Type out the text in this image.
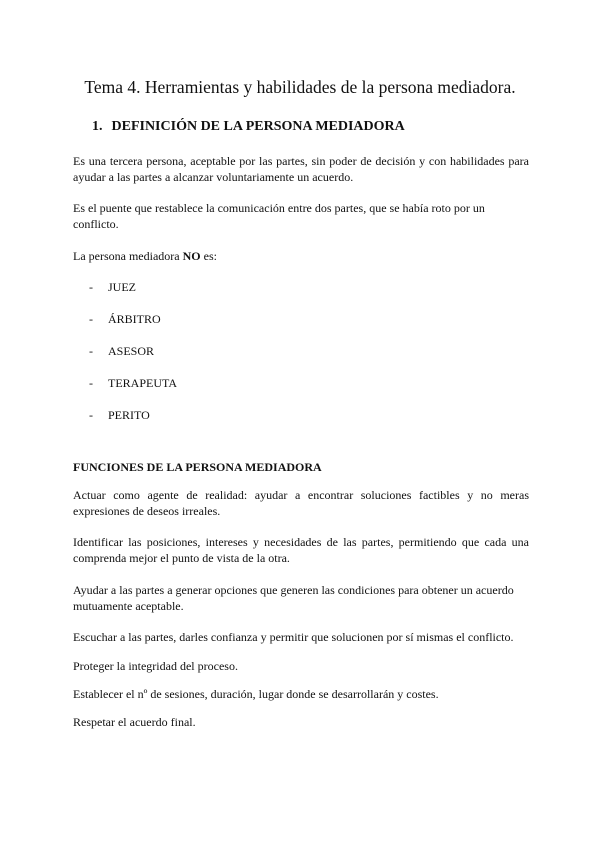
Tema 4. Herramientas y habilidades de la persona mediadora.
1. DEFINICIÓN DE LA PERSONA MEDIADORA
Es una tercera persona, aceptable por las partes, sin poder de decisión y con habilidades para ayudar a las partes a alcanzar voluntariamente un acuerdo.
Es el puente que restablece la comunicación entre dos partes, que se había roto por un conflicto.
La persona mediadora NO es:
- JUEZ
- ÁRBITRO
- ASESOR
- TERAPEUTA
- PERITO
FUNCIONES DE LA PERSONA MEDIADORA
Actuar como agente de realidad: ayudar a encontrar soluciones factibles y no meras expresiones de deseos irreales.
Identificar las posiciones, intereses y necesidades de las partes, permitiendo que cada una comprenda mejor el punto de vista de la otra.
Ayudar a las partes a generar opciones que generen las condiciones para obtener un acuerdo mutuamente aceptable.
Escuchar a las partes, darles confianza y permitir que solucionen por sí mismas el conflicto.
Proteger la integridad del proceso.
Establecer el nº de sesiones, duración, lugar donde se desarrollarán y costes.
Respetar el acuerdo final.
